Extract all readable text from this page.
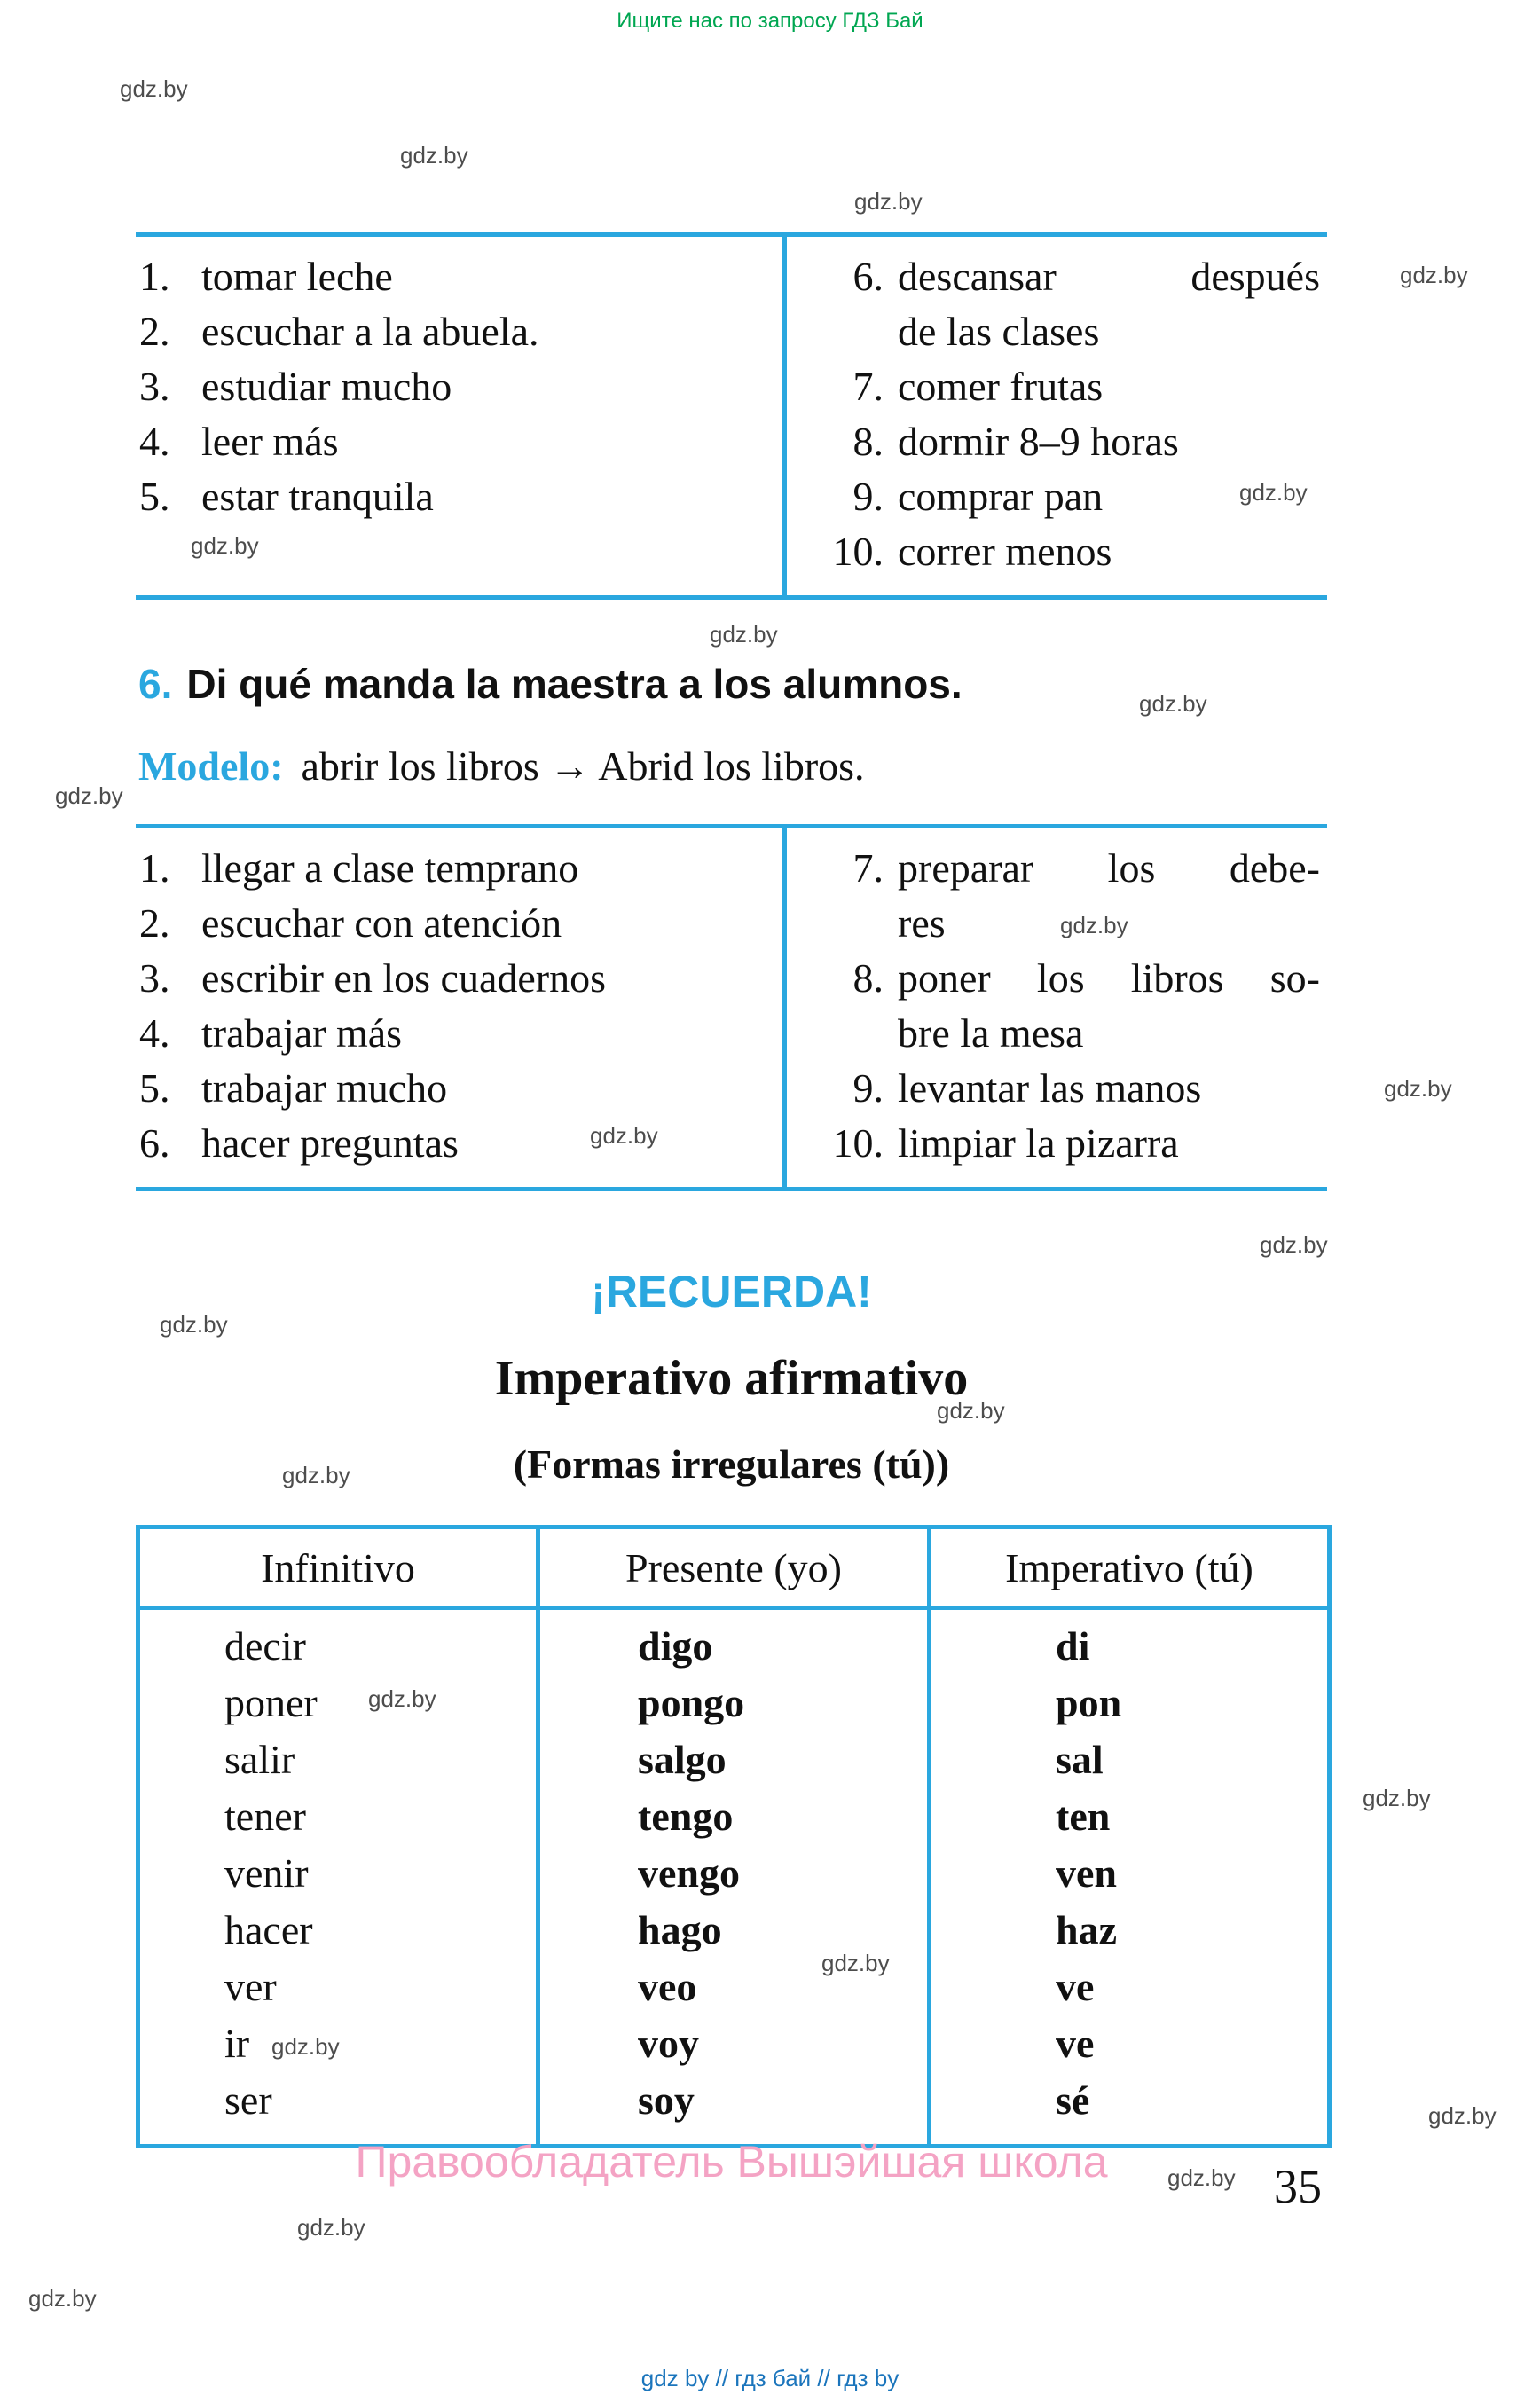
Ищите нас по запросу ГДЗ Бай
1. tomar leche
2. escuchar a la abuela.
3. estudiar mucho
4. leer más
5. estar tranquila
6. descansar después
de las clases
7. comer frutas
8. dormir 8–9 horas
9. comprar pan
10. correr menos
6. Di qué manda la maestra a los alumnos.
Modelo: abrir los libros → Abrid los libros.
1. llegar a clase temprano
2. escuchar con atención
3. escribir en los cuadernos
4. trabajar más
5. trabajar mucho
6. hacer preguntas
7. preparar los debe-
res
8. poner los libros so-
bre la mesa
9. levantar las manos
10. limpiar la pizarra
¡RECUERDA!
Imperativo afirmativo
(Formas irregulares (tú))
Infinitivo	Presente (yo)	Imperativo (tú)
decir	digo	di
poner	pongo	pon
salir	salgo	sal
tener	tengo	ten
venir	vengo	ven
hacer	hago	haz
ver	veo	ve
ir	voy	ve
ser	soy	sé
Правообладатель Вышэйшая школа	35
gdz by // гдз бай // гдз by
gdz.by
gdz.by
gdz.by
gdz.by
gdz.by
gdz.by
gdz.by
gdz.by
gdz.by
gdz.by
gdz.by
gdz.by
gdz.by
gdz.by
gdz.by
gdz.by
gdz.by
gdz.by
gdz.by
gdz.by
gdz.by
gdz.by
gdz.by
gdz.by
